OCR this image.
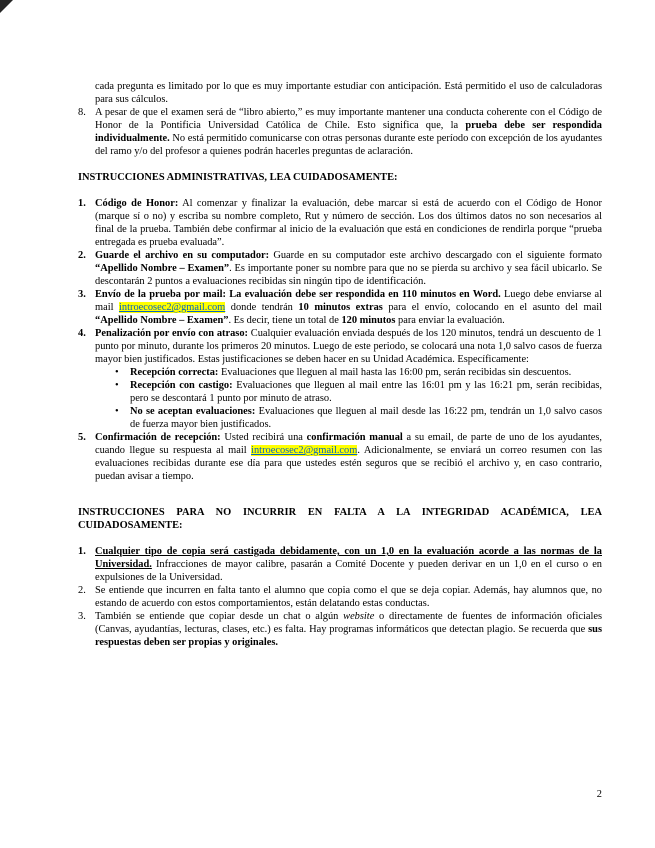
cada pregunta es limitado por lo que es muy importante estudiar con anticipación. Está permitido el uso de calculadoras para sus cálculos.
8. A pesar de que el examen será de “libro abierto,” es muy importante mantener una conducta coherente con el Código de Honor de la Pontificia Universidad Católica de Chile. Esto significa que, la prueba debe ser respondida individualmente. No está permitido comunicarse con otras personas durante este período con excepción de los ayudantes del ramo y/o del profesor a quienes podrán hacerles preguntas de aclaración.
INSTRUCCIONES ADMINISTRATIVAS, LEA CUIDADOSAMENTE:
1. Código de Honor: Al comenzar y finalizar la evaluación, debe marcar si está de acuerdo con el Código de Honor (marque sí o no) y escriba su nombre completo, Rut y número de sección. Los dos últimos datos no son necesarios al final de la prueba. También debe confirmar al inicio de la evaluación que está en condiciones de rendirla porque “prueba entregada es prueba evaluada”.
2. Guarde el archivo en su computador: Guarde en su computador este archivo descargado con el siguiente formato “Apellido Nombre – Examen”. Es importante poner su nombre para que no se pierda su archivo y sea fácil ubicarlo. Se descontarán 2 puntos a evaluaciones recibidas sin ningún tipo de identificación.
3. Envío de la prueba por mail: La evaluación debe ser respondida en 110 minutos en Word. Luego debe enviarse al mail introecosec2@gmail.com donde tendrán 10 minutos extras para el envío, colocando en el asunto del mail “Apellido Nombre – Examen”. Es decir, tiene un total de 120 minutos para enviar la evaluación.
4. Penalización por envío con atraso: Cualquier evaluación enviada después de los 120 minutos, tendrá un descuento de 1 punto por minuto, durante los primeros 20 minutos. Luego de este periodo, se colocará una nota 1,0 salvo casos de fuerza mayor bien justificados. Estas justificaciones se deben hacer en su Unidad Académica. Específicamente:
•	Recepción correcta: Evaluaciones que lleguen al mail hasta las 16:00 pm, serán recibidas sin descuentos.
•	Recepción con castigo: Evaluaciones que lleguen al mail entre las 16:01 pm y las 16:21 pm, serán recibidas, pero se descontará 1 punto por minuto de atraso.
•	No se aceptan evaluaciones: Evaluaciones que lleguen al mail desde las 16:22 pm, tendrán un 1,0 salvo casos de fuerza mayor bien justificados.
5. Confirmación de recepción: Usted recibirá una confirmación manual a su email, de parte de uno de los ayudantes, cuando llegue su respuesta al mail introecosec2@gmail.com. Adicionalmente, se enviará un correo resumen con las evaluaciones recibidas durante ese día para que ustedes estén seguros que se recibió el archivo y, en caso contrario, puedan avisar a tiempo.
INSTRUCCIONES PARA NO INCURRIR EN FALTA A LA INTEGRIDAD ACADÉMICA, LEA CUIDADOSAMENTE:
1. Cualquier tipo de copia será castigada debidamente, con un 1,0 en la evaluación acorde a las normas de la Universidad. Infracciones de mayor calibre, pasarán a Comité Docente y pueden derivar en un 1,0 en el curso o en expulsiones de la Universidad.
2. Se entiende que incurren en falta tanto el alumno que copia como el que se deja copiar. Además, hay alumnos que, no estando de acuerdo con estos comportamientos, están delatando estas conductas.
3. También se entiende que copiar desde un chat o algún website o directamente de fuentes de información oficiales (Canvas, ayudantías, lecturas, clases, etc.) es falta. Hay programas informáticos que detectan plagio. Se recuerda que sus respuestas deben ser propias y originales.
2
